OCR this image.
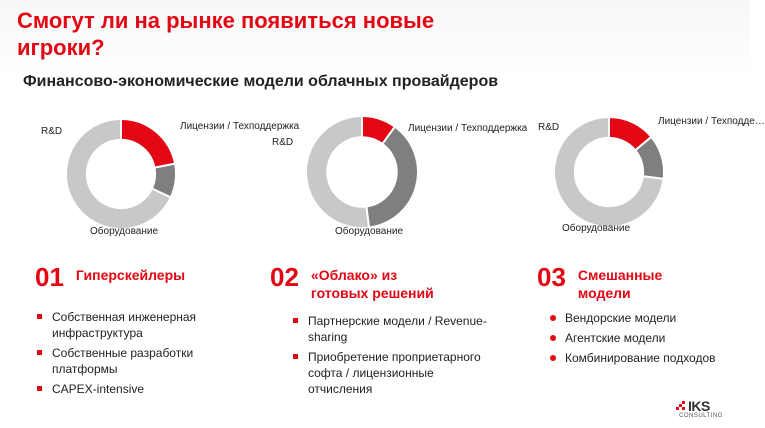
Смогут ли на рынке появиться новые игроки?
Финансово-экономические модели облачных провайдеров
R&D	Лицензии / Техподдержка
Оборудование
R&D
Лицензии / Техподдержка
Оборудование
R&D
Лицензии / Техподде…
Оборудование
01 Гиперскейлеры
Собственная инженерная инфраструктура
Собственные разработки платформы
CAPEX-intensive
02 «Облако» из готовых решений
Партнерские модели / Revenue-sharing
Приобретение проприетарного софта / лицензионные отчисления
03 Смешанные модели
Вендорские модели
Агентские модели
Комбинирование подходов
IKS
CONSULTING
